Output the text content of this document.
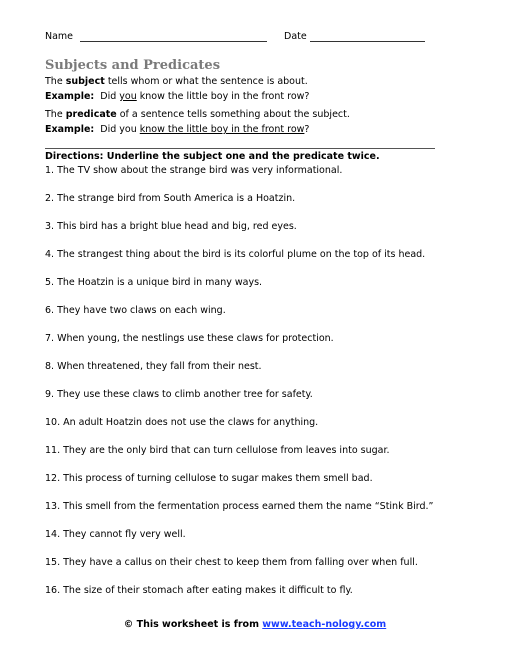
Name	Date
Subjects and Predicates
The subject tells whom or what the sentence is about.
Example:  Did you know the little boy in the front row?
The predicate of a sentence tells something about the subject.
Example:  Did you know the little boy in the front row?
Directions: Underline the subject one and the predicate twice.
1. The TV show about the strange bird was very informational.
2. The strange bird from South America is a Hoatzin.
3. This bird has a bright blue head and big, red eyes.
4. The strangest thing about the bird is its colorful plume on the top of its head.
5. The Hoatzin is a unique bird in many ways.
6. They have two claws on each wing.
7. When young, the nestlings use these claws for protection.
8. When threatened, they fall from their nest.
9. They use these claws to climb another tree for safety.
10. An adult Hoatzin does not use the claws for anything.
11. They are the only bird that can turn cellulose from leaves into sugar.
12. This process of turning cellulose to sugar makes them smell bad.
13. This smell from the fermentation process earned them the name “Stink Bird.”
14. They cannot fly very well.
15. They have a callus on their chest to keep them from falling over when full.
16. The size of their stomach after eating makes it difficult to fly.
© This worksheet is from www.teach-nology.com
